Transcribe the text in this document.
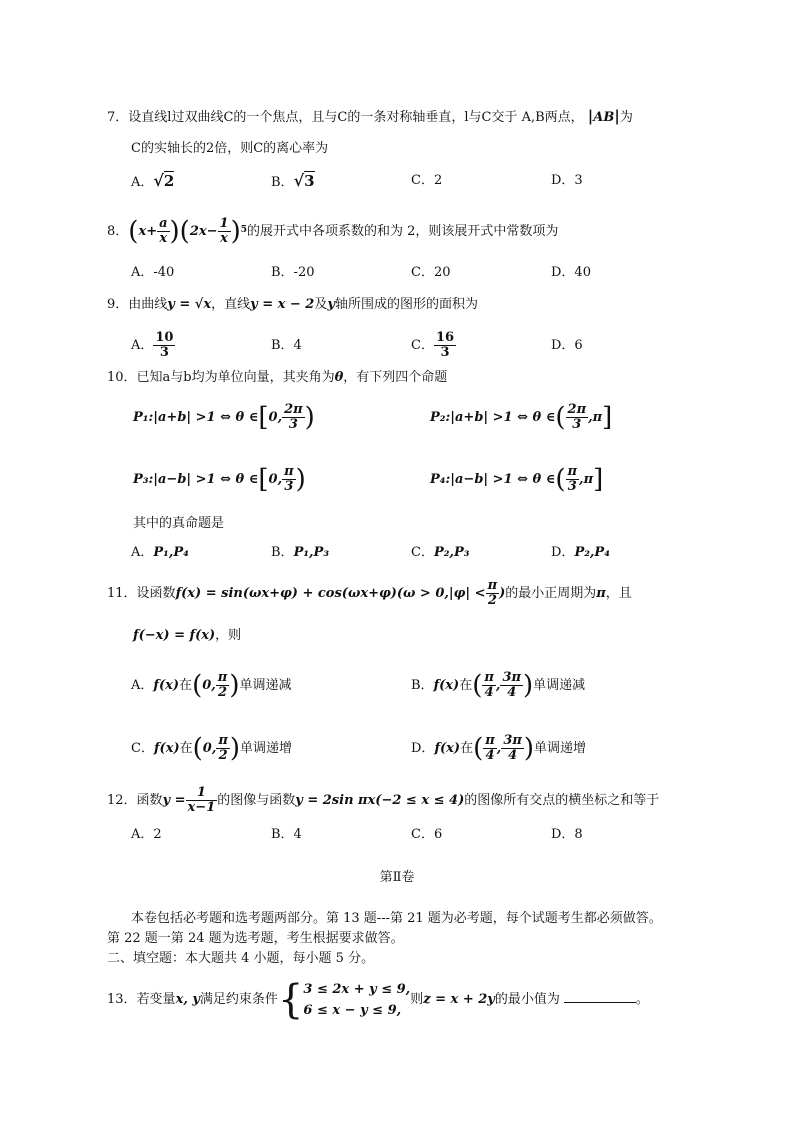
7．设直线l过双曲线C的一个焦点，且与C的一条对称轴垂直，l与C交于 A,B两点， |AB|为
C的实轴长的2倍，则C的离心率为
A．√2	B．√3	C．2	D．3
8．$(x+ \frac{a}{x} )(2x- \frac{1}{x} )^5$的展开式中各项系数的和为 2，则该展开式中常数项为
A．-40	B．-20	C．20	D．40
9．由曲线y = √x，直线y = x − 2及y轴所围成的图形的面积为
A． $\frac{10}{3}$	B．4	C． $\frac{16}{3}$	D．6
10．已知a与b均为单位向量，其夹角为θ，有下列四个命题
P₁:|a+b| >1 ⇔ θ ∈[0, $\frac{2\pi}{3}$ )	P₂:|a+b| >1 ⇔ θ ∈( $\frac{2\pi}{3} ,\pi$]
P₃:|a−b| >1 ⇔ θ ∈[0, $\frac{\pi}{3}$ )	P₄:|a−b| >1 ⇔ θ ∈( $\frac{\pi}{3} ,\pi$]
其中的真命题是
A．P₁,P₄	B．P₁,P₃	C．P₂,P₃	D．P₂,P₄
11．设函数$f(x) = \sin(\omega x+\varphi) + \cos(\omega x+\varphi)(\omega > 0,|\varphi| < \frac{\pi}{2}$ )的最小正周期为π，且
f(−x) = f(x)，则
A．f(x)在(0, $\frac{\pi}{2}$ )单调递减	B．f(x)在( $\frac{\pi}{4}$ , $\frac{3\pi}{4}$ )单调递减
C．f(x)在(0, $\frac{\pi}{2}$ )单调递增	D．f(x)在( $\frac{\pi}{4}$ , $\frac{3\pi}{4}$ )单调递增
12．函数$y = \frac{1}{x-1}$ 的图像与函数y = 2sin πx(−2 ≤ x ≤ 4)的图像所有交点的横坐标之和等于
A．2	B．4	C．6	D．8
第Ⅱ卷
本卷包括必考题和选考题两部分。第 13 题---第 21 题为必考题，每个试题考生都必须做答。
第 22 题一第 24 题为选考题，考生根据要求做答。
二、填空题：本大题共 4 小题，每小题 5 分。
13．若变量x, y满足约束条件{ 3 ≤ 2x + y ≤ 9,
6 ≤ x − y ≤ 9,
则z = x + 2y的最小值为	。
